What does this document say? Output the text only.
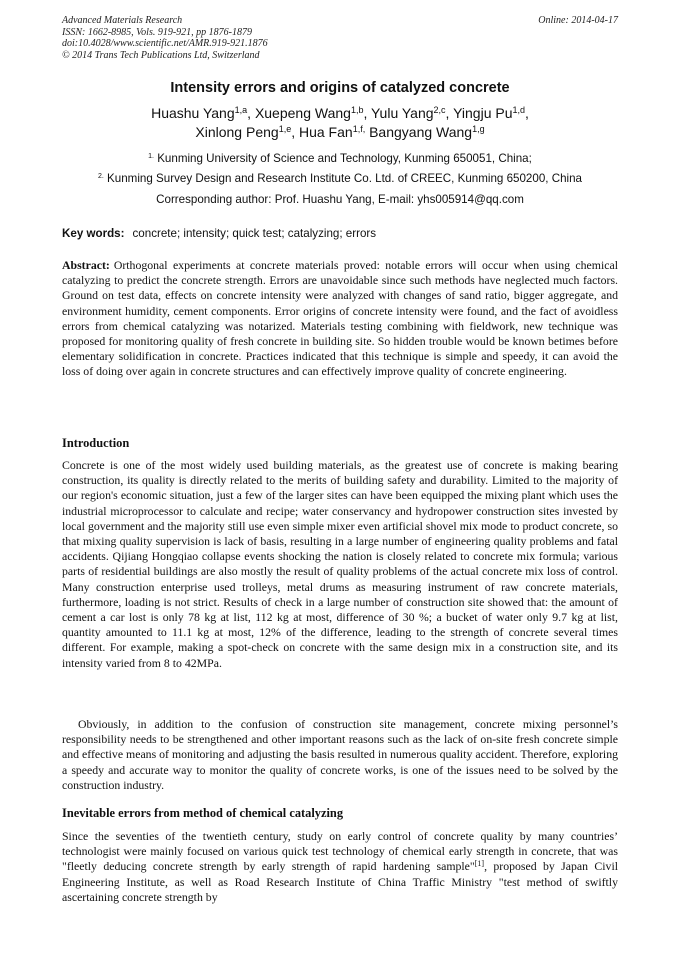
Advanced Materials Research
ISSN: 1662-8985, Vols. 919-921, pp 1876-1879
doi:10.4028/www.scientific.net/AMR.919-921.1876
© 2014 Trans Tech Publications Ltd, Switzerland
Online: 2014-04-17
Intensity errors and origins of catalyzed concrete
Huashu Yang$^{1,a}$, Xuepeng Wang$^{1,b}$, Yulu Yang$^{2,c}$, Yingju Pu$^{1,d}$,
Xinlong Peng$^{1,e}$, Hua Fan$^{1,f,}$ Bangyang Wang$^{1,g}$
$^{1.}$ Kunming University of Science and Technology, Kunming 650051, China;
$^{2.}$ Kunming Survey Design and Research Institute Co. Ltd. of CREEC, Kunming 650200, China
Corresponding author: Prof. Huashu Yang, E-mail: yhs005914@qq.com
Key words: concrete; intensity; quick test; catalyzing; errors

Abstract: Orthogonal experiments at concrete materials proved: notable errors will occur when using chemical catalyzing to predict the concrete strength. Errors are unavoidable since such methods have neglected much factors. Ground on test data, effects on concrete intensity were analyzed with changes of sand ratio, bigger aggregate, and environment humidity, cement components. Error origins of concrete intensity were found, and the fact of avoidless errors from chemical catalyzing was notarized. Materials testing combining with fieldwork, new technique was proposed for monitoring quality of fresh concrete in building site. So hidden trouble would be known betimes before elementary solidification in concrete. Practices indicated that this technique is simple and speedy, it can avoid the loss of doing over again in concrete structures and can effectively improve quality of concrete engineering.

Introduction

Concrete is one of the most widely used building materials, as the greatest use of concrete is making bearing construction, its quality is directly related to the merits of building safety and durability. Limited to the majority of our region's economic situation, just a few of the larger sites can have been equipped the mixing plant which uses the industrial microprocessor to calculate and recipe; water conservancy and hydropower construction sites invested by local government and the majority still use even simple mixer even artificial shovel mix mode to product concrete, so that mixing quality supervision is lack of basis, resulting in a large number of engineering quality problems and fatal accidents. Qijiang Hongqiao collapse events shocking the nation is closely related to concrete mix formula; various parts of residential buildings are also mostly the result of quality problems of the actual concrete mix loss of control. Many construction enterprise used trolleys, metal drums as measuring instrument of raw concrete materials, furthermore, loading is not strict. Results of check in a large number of construction site showed that: the amount of cement a car lost is only 78 kg at list, 112 kg at most, difference of 30 %; a bucket of water only 9.7 kg at list, quantity amounted to 11.1 kg at most, 12% of the difference, leading to the strength of concrete several times different. For example, making a spot-check on concrete with the same design mix in a construction site, and its intensity varied from 8 to 42MPa.

Obviously, in addition to the confusion of construction site management, concrete mixing personnel’s responsibility needs to be strengthened and other important reasons such as the lack of on-site fresh concrete simple and effective means of monitoring and adjusting the basis resulted in numerous quality accident. Therefore, exploring a speedy and accurate way to monitor the quality of concrete works, is one of the issues need to be solved by the construction industry.

Inevitable errors from method of chemical catalyzing

Since the seventies of the twentieth century, study on early control of concrete quality by many countries’ technologist were mainly focused on various quick test technology of chemical early strength in concrete, that was "fleetly deducing concrete strength by early strength of rapid hardening sample"[1], proposed by Japan Civil Engineering Institute, as well as Road Research Institute of China Traffic Ministry "test method of swiftly ascertaining concrete strength by
